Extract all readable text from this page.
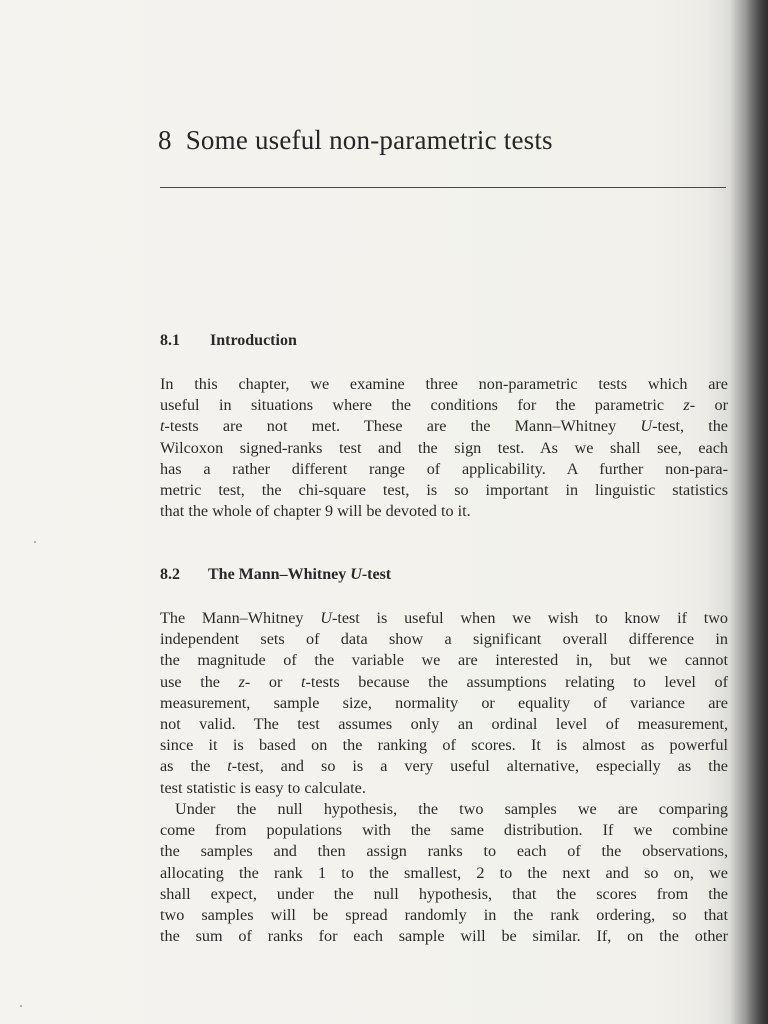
8 Some useful non-parametric tests
8.1 Introduction

In this chapter, we examine three non-parametric tests which are
useful in situations where the conditions for the parametric z- or
t-tests are not met. These are the Mann–Whitney U-test, the
Wilcoxon signed-ranks test and the sign test. As we shall see, each
has a rather different range of applicability. A further non-para-
metric test, the chi-square test, is so important in linguistic statistics
that the whole of chapter 9 will be devoted to it.

8.2 The Mann–Whitney U-test

The Mann–Whitney U-test is useful when we wish to know if two
independent sets of data show a significant overall difference in
the magnitude of the variable we are interested in, but we cannot
use the z- or t-tests because the assumptions relating to level of
measurement, sample size, normality or equality of variance are
not valid. The test assumes only an ordinal level of measurement,
since it is based on the ranking of scores. It is almost as powerful
as the t-test, and so is a very useful alternative, especially as the
test statistic is easy to calculate.

Under the null hypothesis, the two samples we are comparing
come from populations with the same distribution. If we combine
the samples and then assign ranks to each of the observations,
allocating the rank 1 to the smallest, 2 to the next and so on, we
shall expect, under the null hypothesis, that the scores from the
two samples will be spread randomly in the rank ordering, so that
the sum of ranks for each sample will be similar. If, on the other
